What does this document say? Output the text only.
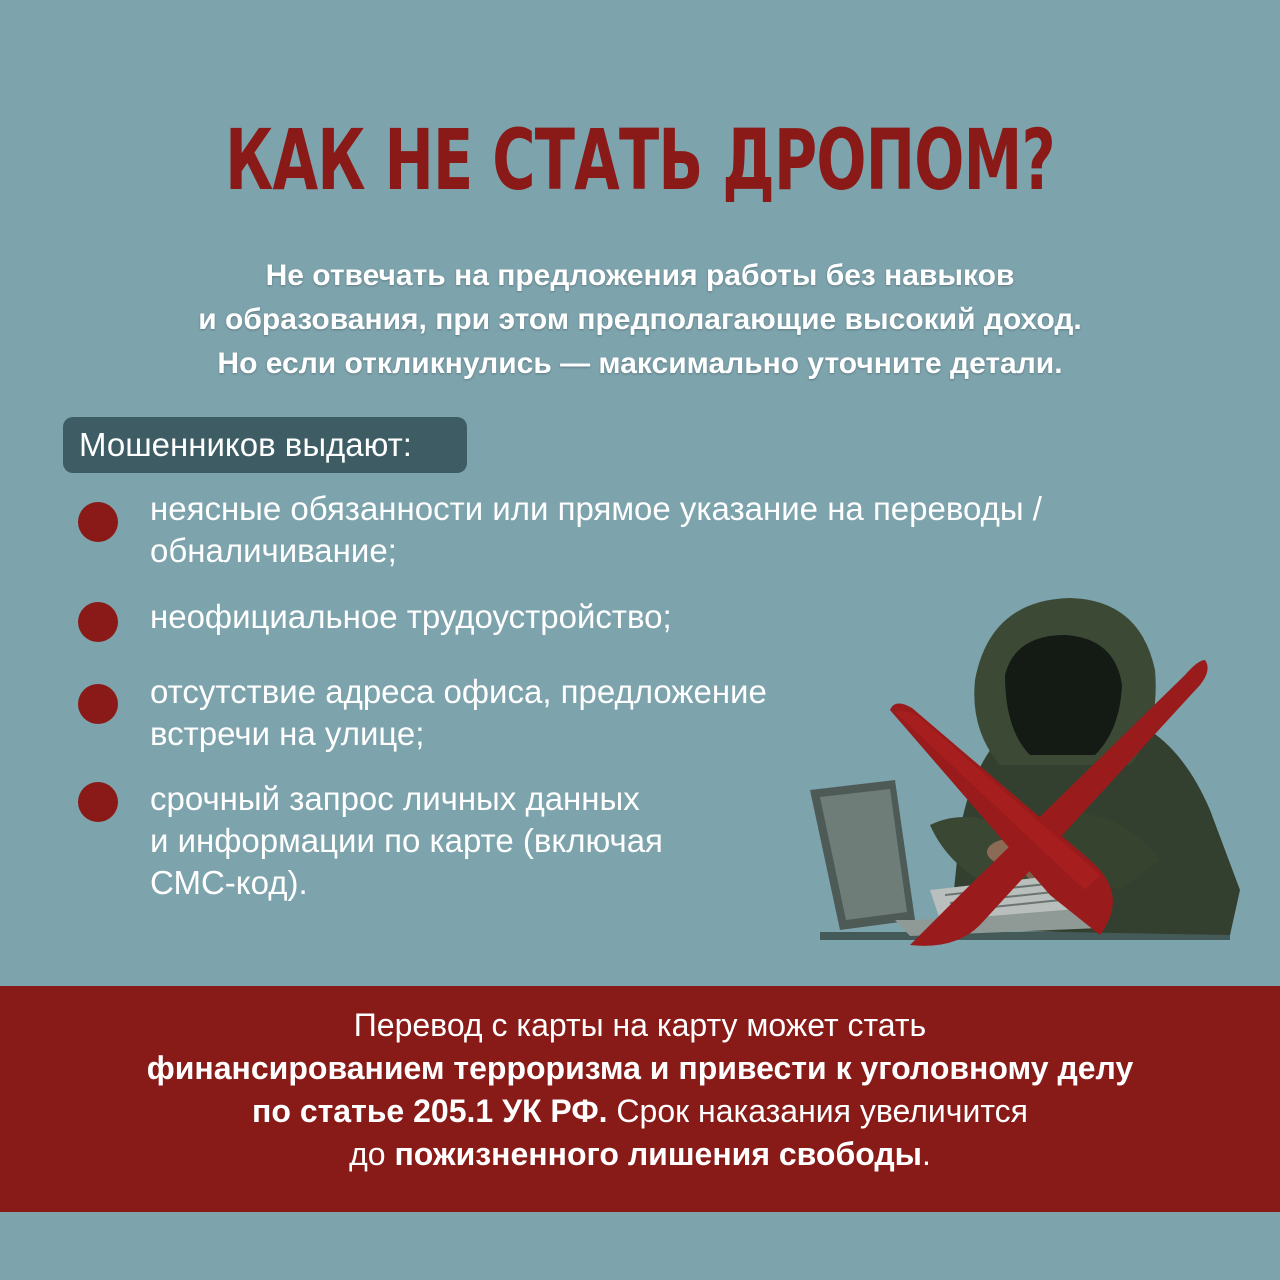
КАК НЕ СТАТЬ ДРОПОМ?
Не отвечать на предложения работы без навыков
и образования, при этом предполагающие высокий доход.
Но если откликнулись — максимально уточните детали.
Мошенников выдают:
неясные обязанности или прямое указание на переводы /
обналичивание;
неофициальное трудоустройство;
отсутствие адреса офиса, предложение
встречи на улице;
срочный запрос личных данных
и информации по карте (включая
СМС-код).
Перевод с карты на карту может стать
финансированием терроризма и привести к уголовному делу
по статье 205.1 УК РФ. Срок наказания увеличится
до пожизненного лишения свободы.
